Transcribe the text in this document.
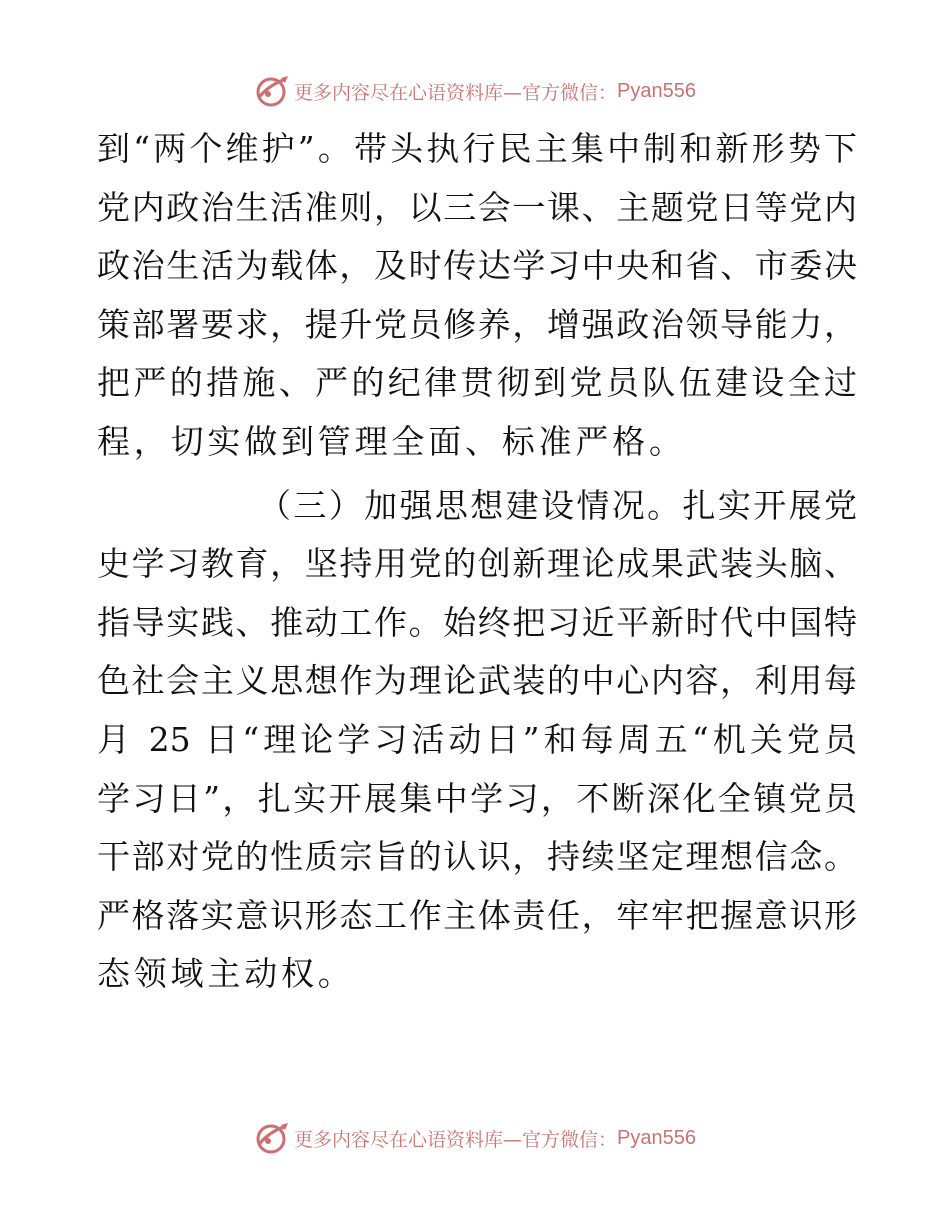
更多内容尽在心语资料库—官方微信： Pyan556
到“两个维护”。带头执行民主集中制和新形势下
党内政治生活准则，以三会一课、主题党日等党内
政治生活为载体，及时传达学习中央和省、市委决
策部署要求，提升党员修养，增强政治领导能力，
把严的措施、严的纪律贯彻到党员队伍建设全过
程，切实做到管理全面、标准严格。
（三）加强思想建设情况。扎实开展党
史学习教育，坚持用党的创新理论成果武装头脑、
指导实践、推动工作。始终把习近平新时代中国特
色社会主义思想作为理论武装的中心内容，利用每
月 25 日“理论学习活动日”和每周五“机关党员
学习日”，扎实开展集中学习，不断深化全镇党员
干部对党的性质宗旨的认识，持续坚定理想信念。
严格落实意识形态工作主体责任，牢牢把握意识形
态领域主动权。
更多内容尽在心语资料库—官方微信： Pyan556
